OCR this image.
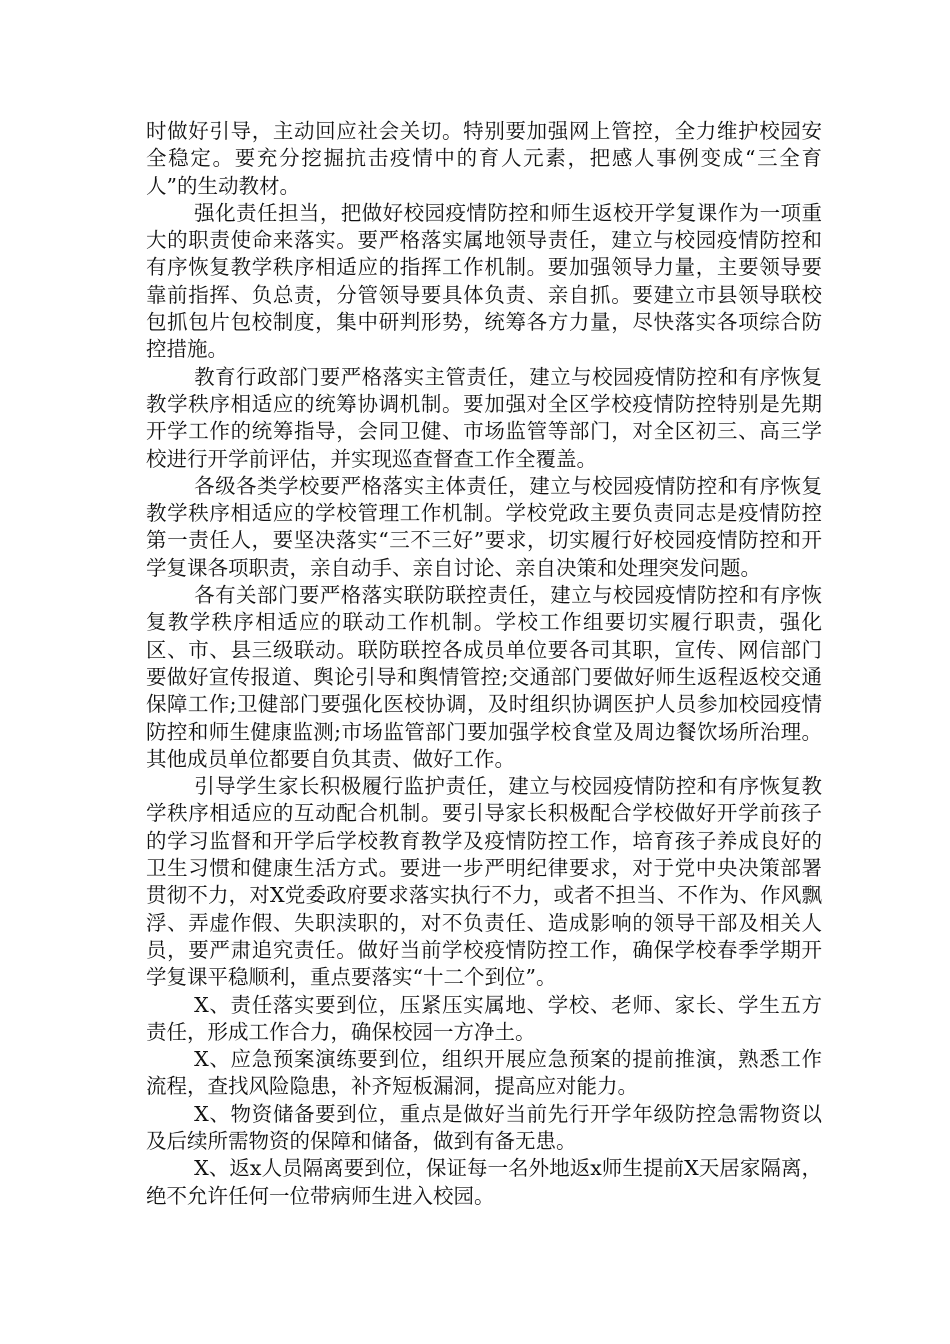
时做好引导，主动回应社会关切。特别要加强网上管控，全力维护校园安全稳定。要充分挖掘抗击疫情中的育人元素，把感人事例变成“三全育人”的生动教材。

强化责任担当，把做好校园疫情防控和师生返校开学复课作为一项重大的职责使命来落实。要严格落实属地领导责任，建立与校园疫情防控和有序恢复教学秩序相适应的指挥工作机制。要加强领导力量，主要领导要靠前指挥、负总责，分管领导要具体负责、亲自抓。要建立市县领导联校包抓包片包校制度，集中研判形势，统筹各方力量，尽快落实各项综合防控措施。

教育行政部门要严格落实主管责任，建立与校园疫情防控和有序恢复教学秩序相适应的统筹协调机制。要加强对全区学校疫情防控特别是先期开学工作的统筹指导，会同卫健、市场监管等部门，对全区初三、高三学校进行开学前评估，并实现巡查督查工作全覆盖。

各级各类学校要严格落实主体责任，建立与校园疫情防控和有序恢复教学秩序相适应的学校管理工作机制。学校党政主要负责同志是疫情防控第一责任人，要坚决落实“三不三好”要求，切实履行好校园疫情防控和开学复课各项职责，亲自动手、亲自讨论、亲自决策和处理突发问题。

各有关部门要严格落实联防联控责任，建立与校园疫情防控和有序恢复教学秩序相适应的联动工作机制。学校工作组要切实履行职责，强化区、市、县三级联动。联防联控各成员单位要各司其职，宣传、网信部门要做好宣传报道、舆论引导和舆情管控;交通部门要做好师生返程返校交通保障工作;卫健部门要强化医校协调，及时组织协调医护人员参加校园疫情防控和师生健康监测;市场监管部门要加强学校食堂及周边餐饮场所治理。其他成员单位都要自负其责、做好工作。

引导学生家长积极履行监护责任，建立与校园疫情防控和有序恢复教学秩序相适应的互动配合机制。要引导家长积极配合学校做好开学前孩子的学习监督和开学后学校教育教学及疫情防控工作，培育孩子养成良好的卫生习惯和健康生活方式。要进一步严明纪律要求，对于党中央决策部署贯彻不力，对X党委政府要求落实执行不力，或者不担当、不作为、作风飘浮、弄虚作假、失职渎职的，对不负责任、造成影响的领导干部及相关人员，要严肃追究责任。做好当前学校疫情防控工作，确保学校春季学期开学复课平稳顺利，重点要落实“十二个到位”。

X、责任落实要到位，压紧压实属地、学校、老师、家长、学生五方责任，形成工作合力，确保校园一方净土。

X、应急预案演练要到位，组织开展应急预案的提前推演，熟悉工作流程，查找风险隐患，补齐短板漏洞，提高应对能力。

X、物资储备要到位，重点是做好当前先行开学年级防控急需物资以及后续所需物资的保障和储备，做到有备无患。

X、返x人员隔离要到位，保证每一名外地返x师生提前X天居家隔离，绝不允许任何一位带病师生进入校园。
